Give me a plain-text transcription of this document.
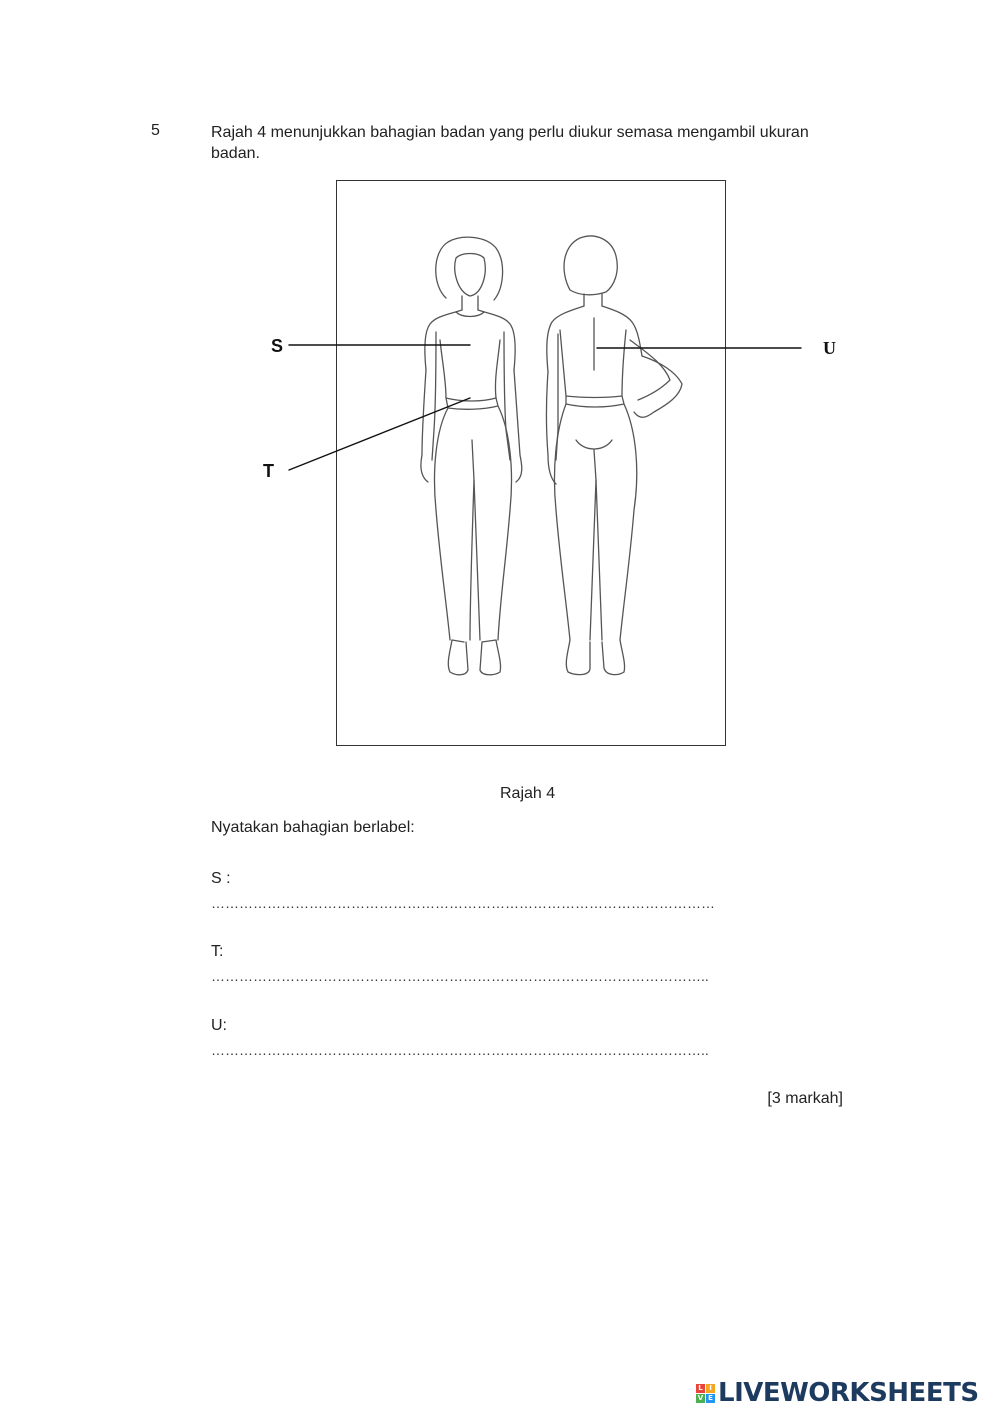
5	Rajah 4 menunjukkan bahagian badan yang perlu diukur semasa mengambil ukuran badan.
S
T
U
Rajah 4
Nyatakan bahagian berlabel:
S :
………………………………………………………………………………………………
T:
……………………………………………………………………………………………..
U:
……………………………………………………………………………………………..
[3 markah]
L I
V E LIVEWORKSHEETS
